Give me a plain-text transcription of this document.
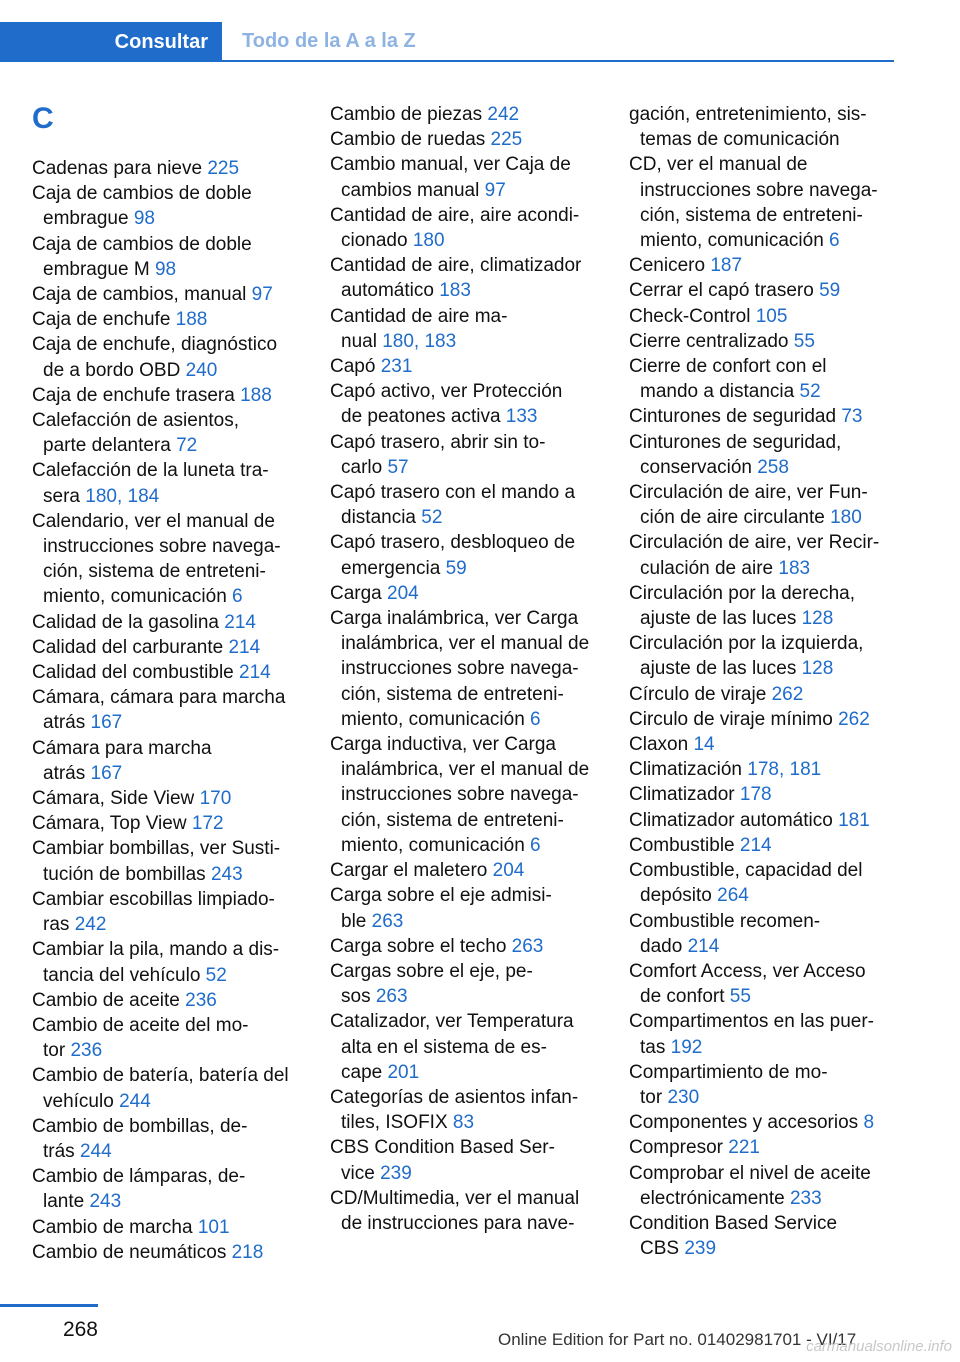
Consultar	Todo de la A a la Z
C
Cadenas para nieve 225
Caja de cambios de doble
embrague 98
Caja de cambios de doble
embrague M 98
Caja de cambios, manual 97
Caja de enchufe 188
Caja de enchufe, diagnóstico
de a bordo OBD 240
Caja de enchufe trasera 188
Calefacción de asientos,
parte delantera 72
Calefacción de la luneta tra-
sera 180, 184
Calendario, ver el manual de
instrucciones sobre navega-
ción, sistema de entreteni-
miento, comunicación 6
Calidad de la gasolina 214
Calidad del carburante 214
Calidad del combustible 214
Cámara, cámara para marcha
atrás 167
Cámara para marcha
atrás 167
Cámara, Side View 170
Cámara, Top View 172
Cambiar bombillas, ver Susti-
tución de bombillas 243
Cambiar escobillas limpiado-
ras 242
Cambiar la pila, mando a dis-
tancia del vehículo 52
Cambio de aceite 236
Cambio de aceite del mo-
tor 236
Cambio de batería, batería del
vehículo 244
Cambio de bombillas, de-
trás 244
Cambio de lámparas, de-
lante 243
Cambio de marcha 101
Cambio de neumáticos 218
Cambio de piezas 242
Cambio de ruedas 225
Cambio manual, ver Caja de
cambios manual 97
Cantidad de aire, aire acondi-
cionado 180
Cantidad de aire, climatizador
automático 183
Cantidad de aire ma-
nual 180, 183
Capó 231
Capó activo, ver Protección
de peatones activa 133
Capó trasero, abrir sin to-
carlo 57
Capó trasero con el mando a
distancia 52
Capó trasero, desbloqueo de
emergencia 59
Carga 204
Carga inalámbrica, ver Carga
inalámbrica, ver el manual de
instrucciones sobre navega-
ción, sistema de entreteni-
miento, comunicación 6
Carga inductiva, ver Carga
inalámbrica, ver el manual de
instrucciones sobre navega-
ción, sistema de entreteni-
miento, comunicación 6
Cargar el maletero 204
Carga sobre el eje admisi-
ble 263
Carga sobre el techo 263
Cargas sobre el eje, pe-
sos 263
Catalizador, ver Temperatura
alta en el sistema de es-
cape 201
Categorías de asientos infan-
tiles, ISOFIX 83
CBS Condition Based Ser-
vice 239
CD/Multimedia, ver el manual
de instrucciones para nave-
gación, entretenimiento, sis-
temas de comunicación
CD, ver el manual de
instrucciones sobre navega-
ción, sistema de entreteni-
miento, comunicación 6
Cenicero 187
Cerrar el capó trasero 59
Check-Control 105
Cierre centralizado 55
Cierre de confort con el
mando a distancia 52
Cinturones de seguridad 73
Cinturones de seguridad,
conservación 258
Circulación de aire, ver Fun-
ción de aire circulante 180
Circulación de aire, ver Recir-
culación de aire 183
Circulación por la derecha,
ajuste de las luces 128
Circulación por la izquierda,
ajuste de las luces 128
Círculo de viraje 262
Circulo de viraje mínimo 262
Claxon 14
Climatización 178, 181
Climatizador 178
Climatizador automático 181
Combustible 214
Combustible, capacidad del
depósito 264
Combustible recomen-
dado 214
Comfort Access, ver Acceso
de confort 55
Compartimentos en las puer-
tas 192
Compartimiento de mo-
tor 230
Componentes y accesorios 8
Compresor 221
Comprobar el nivel de aceite
electrónicamente 233
Condition Based Service
CBS 239
268	Online Edition for Part no. 01402981701 - VI/17
carmanualsonline.info
